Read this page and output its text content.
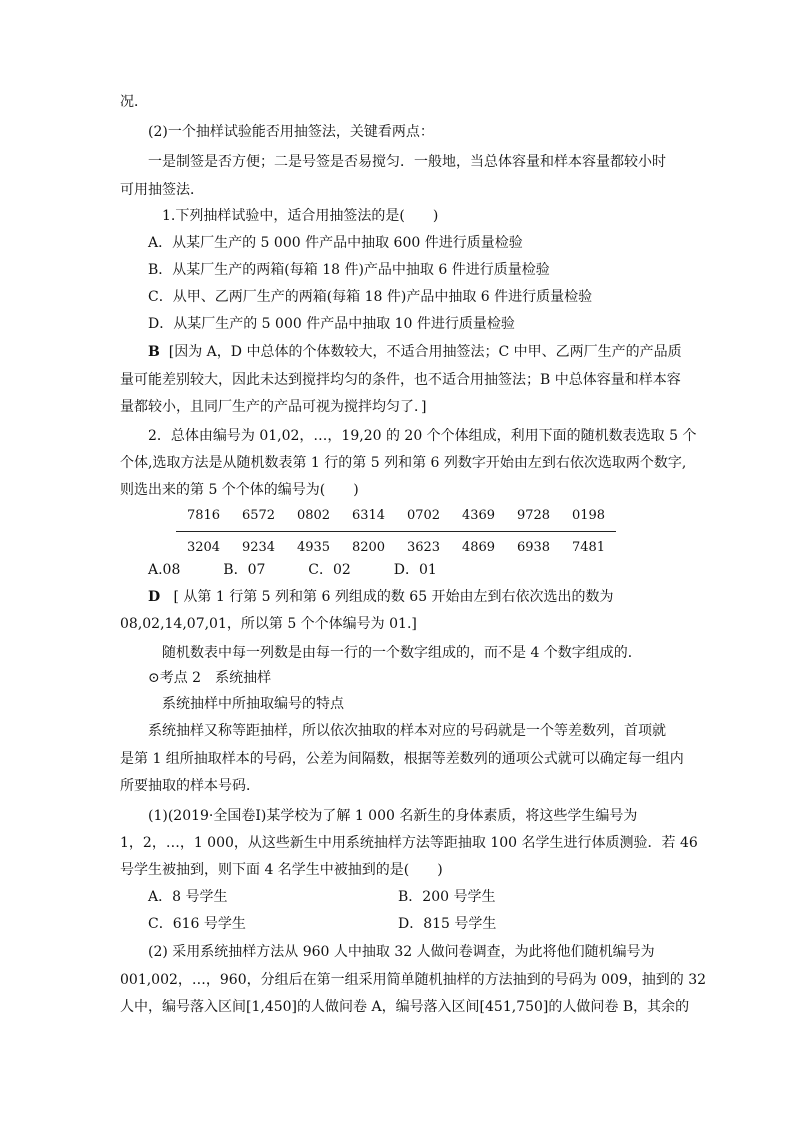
况．
(2)一个抽样试验能否用抽签法，关键看两点：
一是制签是否方便；二是号签是否易搅匀．一般地，当总体容量和样本容量都较小时
可用抽签法．
1.下列抽样试验中，适合用抽签法的是(　　)
A．从某厂生产的 5 000 件产品中抽取 600 件进行质量检验
B．从某厂生产的两箱(每箱 18 件)产品中抽取 6 件进行质量检验
C．从甲、乙两厂生产的两箱(每箱 18 件)产品中抽取 6 件进行质量检验
D．从某厂生产的 5 000 件产品中抽取 10 件进行质量检验
B [因为 A，D 中总体的个体数较大，不适合用抽签法；C 中甲、乙两厂生产的产品质
量可能差别较大，因此未达到搅拌均匀的条件，也不适合用抽签法；B 中总体容量和样本容
量都较小，且同厂生产的产品可视为搅拌均匀了．]
2．总体由编号为 01,02，…，19,20 的 20 个个体组成，利用下面的随机数表选取 5 个
个体,选取方法是从随机数表第 1 行的第 5 列和第 6 列数字开始由左到右依次选取两个数字,
则选出来的第 5 个个体的编号为(　　)
7816	6572	0802	6314	0702	4369	9728	0198
3204	9234	4935	8200	3623	4869	6938	7481
A.08	B．07	C．02	D．01
D [ 从第 1 行第 5 列和第 6 列组成的数 65 开始由左到右依次选出的数为
08,02,14,07,01，所以第 5 个个体编号为 01.]
随机数表中每一列数是由每一行的一个数字组成的，而不是 4 个数字组成的．
⊙考点 2　系统抽样
系统抽样中所抽取编号的特点
系统抽样又称等距抽样，所以依次抽取的样本对应的号码就是一个等差数列，首项就
是第 1 组所抽取样本的号码，公差为间隔数，根据等差数列的通项公式就可以确定每一组内
所要抽取的样本号码．
(1)(2019·全国卷Ⅰ)某学校为了解 1 000 名新生的身体素质，将这些学生编号为
1，2，…，1 000，从这些新生中用系统抽样方法等距抽取 100 名学生进行体质测验．若 46
号学生被抽到，则下面 4 名学生中被抽到的是(　　)
A．8 号学生	B．200 号学生
C．616 号学生	D．815 号学生
(2) 采用系统抽样方法从 960 人中抽取 32 人做问卷调查，为此将他们随机编号为
001,002，…，960，分组后在第一组采用简单随机抽样的方法抽到的号码为 009，抽到的 32
人中，编号落入区间[1,450]的人做问卷 A，编号落入区间[451,750]的人做问卷 B，其余的
